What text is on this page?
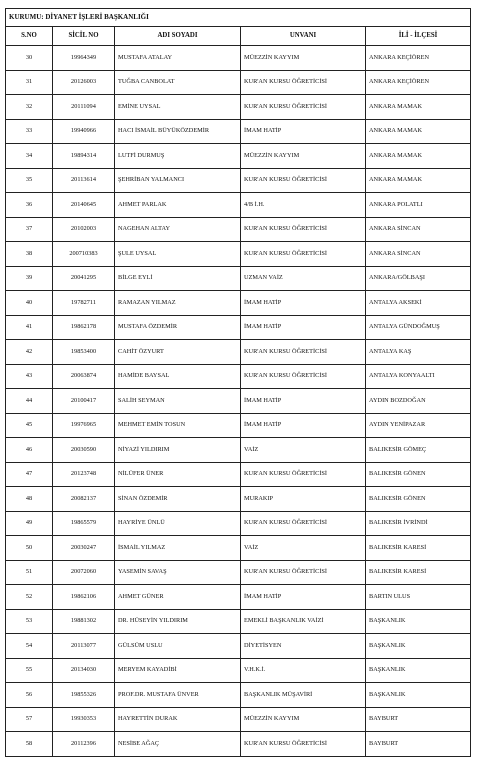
KURUMU: DİYANET İŞLERİ BAŞKANLIĞI				
S.NO	SİCİL NO	ADI SOYADI	UNVANI	İLİ - İLÇESİ
30	19964349	MUSTAFA ATALAY	MÜEZZİN KAYYIM	ANKARA KEÇİÖREN
31	20126003	TUĞBA CANBOLAT	KUR'AN KURSU ÖĞRETİCİSİ	ANKARA KEÇİÖREN
32	20111094	EMİNE UYSAL	KUR'AN KURSU ÖĞRETİCİSİ	ANKARA MAMAK
33	19940966	HACI İSMAİL BÜYÜKÖZDEMİR	İMAM HATİP	ANKARA MAMAK
34	19894314	LUTFİ DURMUŞ	MÜEZZİN KAYYIM	ANKARA MAMAK
35	20113614	ŞEHRİBAN YALMANCI	KUR'AN KURSU ÖĞRETİCİSİ	ANKARA MAMAK
36	20140645	AHMET PARLAK	4/B İ.H.	ANKARA POLATLI
37	20102003	NAGEHAN ALTAY	KUR'AN KURSU ÖĞRETİCİSİ	ANKARA SİNCAN
38	200710383	ŞULE UYSAL	KUR'AN KURSU ÖĞRETİCİSİ	ANKARA SİNCAN
39	20041295	BİLGE EYLİ	UZMAN VAİZ	ANKARA/GÖLBAŞI
40	19782711	RAMAZAN YILMAZ	İMAM HATİP	ANTALYA AKSEKİ
41	19862178	MUSTAFA ÖZDEMİR	İMAM HATİP	ANTALYA GÜNDOĞMUŞ
42	19853400	CAHİT ÖZYURT	KUR'AN KURSU ÖĞRETİCİSİ	ANTALYA KAŞ
43	20063874	HAMİDE BAYSAL	KUR'AN KURSU ÖĞRETİCİSİ	ANTALYA KONYAALTI
44	20100417	SALİH SEYMAN	İMAM HATİP	AYDIN BOZDOĞAN
45	19976965	MEHMET EMİN TOSUN	İMAM HATİP	AYDIN YENİPAZAR
46	20030590	NİYAZİ YILDIRIM	VAİZ	BALIKESİR GÖMEÇ
47	20123748	NİLÜFER ÜNER	KUR'AN KURSU ÖĞRETİCİSİ	BALIKESİR GÖNEN
48	20082137	SİNAN ÖZDEMİR	MURAKIP	BALIKESİR GÖNEN
49	19865579	HAYRİYE ÜNLÜ	KUR'AN KURSU ÖĞRETİCİSİ	BALIKESİR İVRİNDİ
50	20030247	İSMAİL YILMAZ	VAİZ	BALIKESİR KARESİ
51	20072060	YASEMİN SAVAŞ	KUR'AN KURSU ÖĞRETİCİSİ	BALIKESİR KARESİ
52	19862106	AHMET GÜNER	İMAM HATİP	BARTIN ULUS
53	19881302	DR. HÜSEYİN YILDIRIM	EMEKLİ BAŞKANLIK VAİZİ	BAŞKANLIK
54	20113077	GÜLSÜM USLU	DİYETİSYEN	BAŞKANLIK
55	20134030	MERYEM KAYADİBİ	V.H.K.İ.	BAŞKANLIK
56	19855326	PROF.DR. MUSTAFA ÜNVER	BAŞKANLIK MÜŞAVİRİ	BAŞKANLIK
57	19930353	HAYRETTİN DURAK	MÜEZZİN KAYYIM	BAYBURT
58	20112396	NESİBE AĞAÇ	KUR'AN KURSU ÖĞRETİCİSİ	BAYBURT
